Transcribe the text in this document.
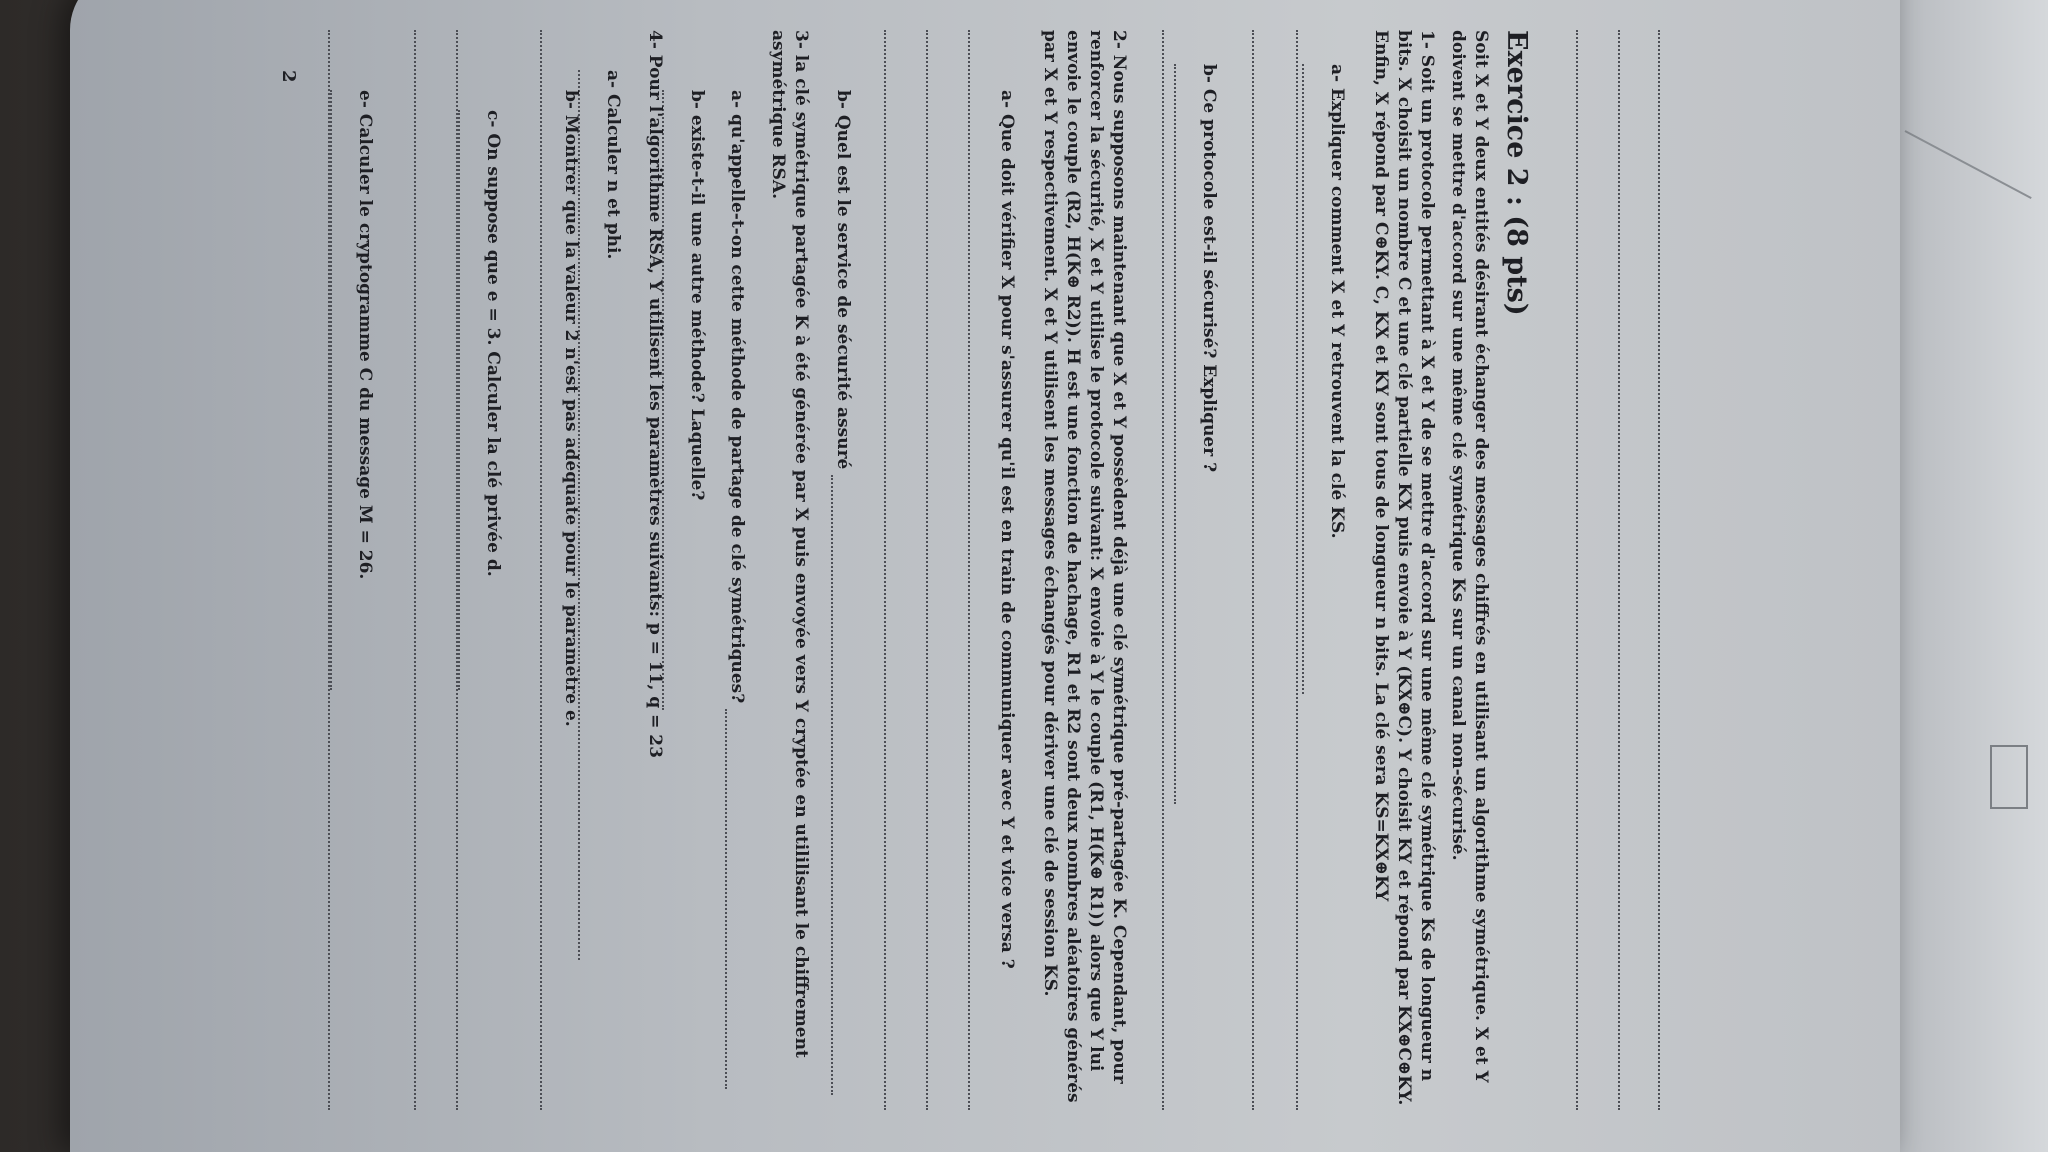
Exercice 2 : (8 pts)

Soit X et Y deux entités désirant échanger des messages chiffrés en utilisant un algorithme symétrique. X et Y doivent se mettre d'accord sur une même clé symétrique Ks sur un canal non-sécurisé.

1- Soit un protocole permettant à X et Y de se mettre d'accord sur une même clé symétrique Ks de longueur n bits. X choisit un nombre C et une clé partielle KX puis envoie à Y (KX⊕C). Y choisit KY et répond par KX⊕C⊕KY. Enfin, X répond par C⊕KY. C, KX et KY sont tous de longueur n bits. La clé sera KS=KX⊕KY

a- Expliquer comment X et Y retrouvent la clé KS.

b- Ce protocole est-il sécurisé? Expliquer ?

2- Nous supposons maintenant que X et Y possèdent déjà une clé symétrique pré-partagée K. Cependant, pour renforcer la sécurité, X et Y utilise le protocole suivant: X envoie à Y le couple (R1, H(K⊕ R1)) alors que Y lui envoie le couple (R2, H(K⊕ R2)). H est une fonction de hachage, R1 et R2 sont deux nombres aléatoires générés par X et Y respectivement. X et Y utilisent les messages échangés pour dériver une clé de session KS.

a- Que doit vérifier X pour s'assurer qu'il est en train de communiquer avec Y et vice versa ?

b- Quel est le service de sécurité assuré

3- la clé symétrique partagée K à été générée par X puis envoyée vers Y cryptée en utililisant le chiffrement asymétrique RSA.

a- qu'appelle-t-on cette méthode de partage de clé symétriques?

b- existe-t-il une autre méthode? Laquelle?

4- Pour l'algorithme RSA, Y utilisent les paramètres suivants: p = 11, q = 23

a- Calculer n et phi.

b- Montrer que la valeur 2 n'est pas adéquate pour le paramètre e.

c- On suppose que e = 3. Calculer la clé privée d.

e- Calculer le cryptogramme C du message M = 26.

2
